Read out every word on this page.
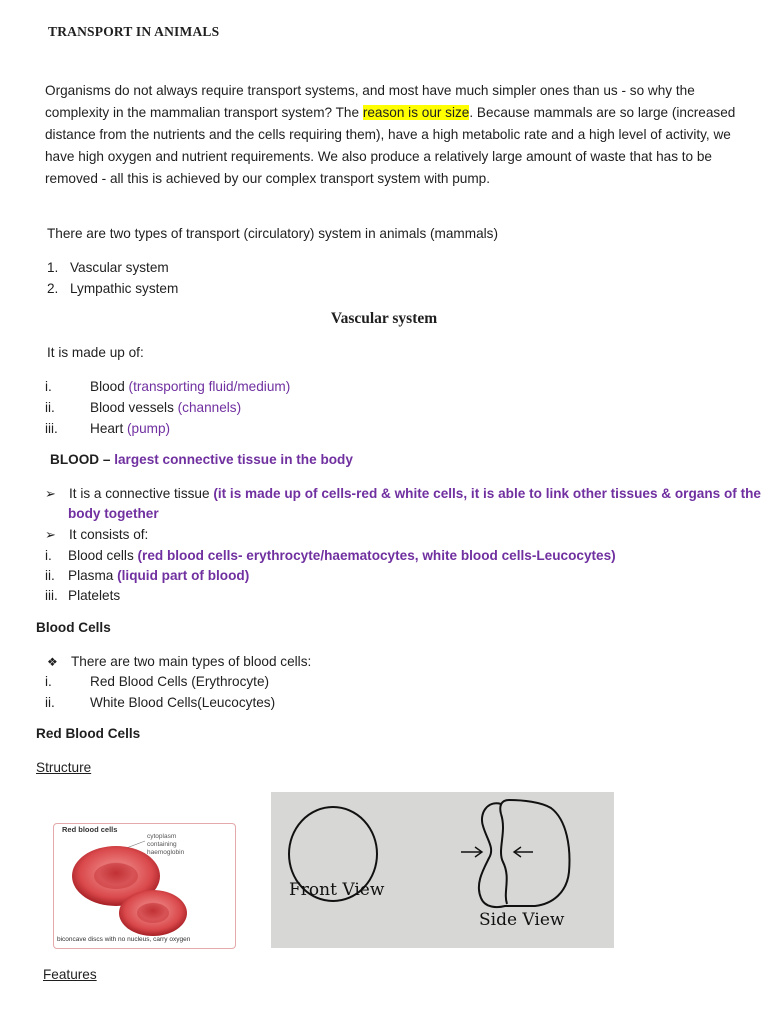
TRANSPORT IN ANIMALS
Organisms do not always require transport systems, and most have much simpler ones than us - so why the complexity in the mammalian transport system? The reason is our size. Because mammals are so large (increased distance from the nutrients and the cells requiring them), have a high metabolic rate and a high level of activity, we have high oxygen and nutrient requirements. We also produce a relatively large amount of waste that has to be removed - all this is achieved by our complex transport system with pump.
There are two types of transport (circulatory) system in animals (mammals)
1. Vascular system
2. Lympathic system
Vascular system
It is made up of:
i.	Blood (transporting fluid/medium)
ii.	Blood vessels (channels)
iii. Heart (pump)
BLOOD – largest connective tissue in the body
➢ It is a connective tissue (it is made up of cells-red & white cells, it is able to link other tissues & organs of the
body together
➢ It consists of:
i. Blood cells (red blood cells- erythrocyte/haematocytes, white blood cells-Leucocytes)
ii. Plasma (liquid part of blood)
iii. Platelets
Blood Cells
❖ There are two main types of blood cells:
i.	Red Blood Cells (Erythrocyte)
ii.	White Blood Cells(Leucocytes)
Red Blood Cells
Structure
Red blood cells
cytoplasm
containing
haemoglobin
biconcave discs with no nucleus, carry oxygen
Front View
Side View
Features
